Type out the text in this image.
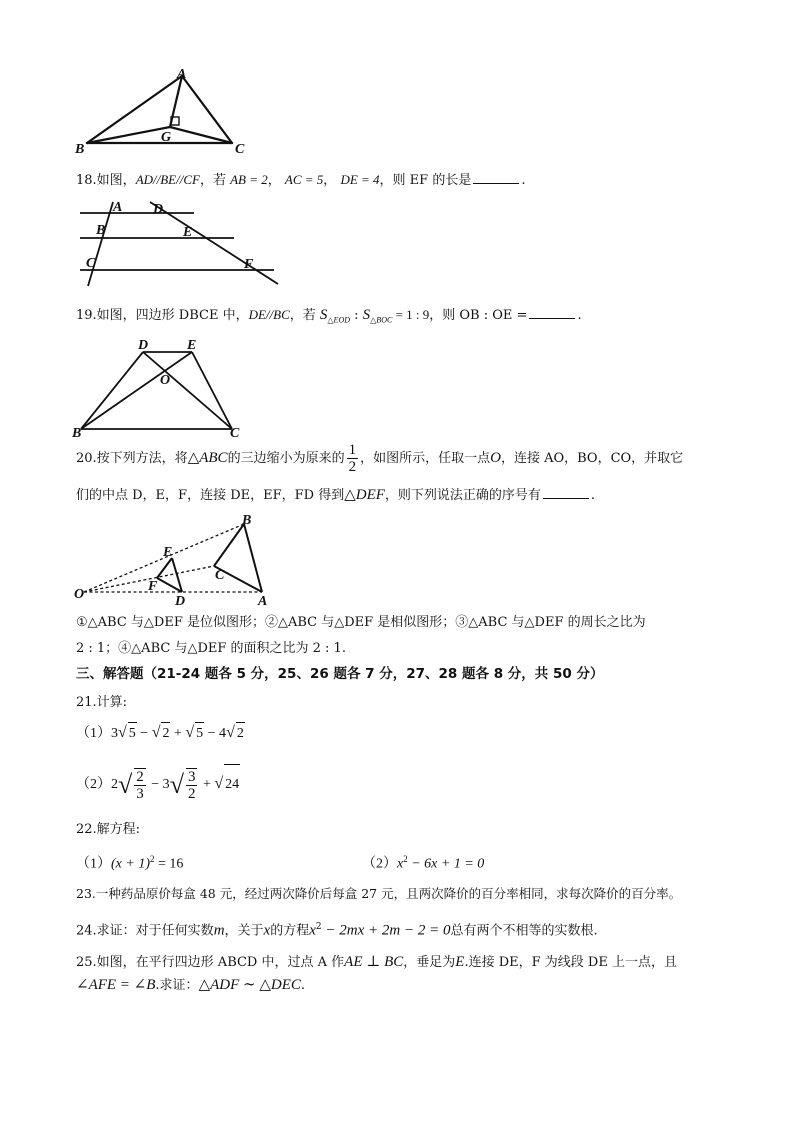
A
B	C
G
18.如图，AD//BE//CF，若 AB = 2， AC = 5， DE = 4，则 EF 的长是	.
A
B
C
D
E
F
19.如图，四边形 DBCE 中，DE//BC，若 $S_{\triangle EOD}$ : $S_{\triangle BOC} = 1$ : 9，则 OB : OE =	.
D	E
O
B	C
20.按下列方法，将△ABC的三边缩小为原来的 $\frac{1}{2}$ ，如图所示，任取一点O，连接 AO，BO，CO，并取它
们的中点 D，E，F，连接 DE，EF，FD 得到△DEF，则下列说法正确的序号有	.
O
B
C
A
E
F
D
①△ABC 与△DEF 是位似图形；②△ABC 与△DEF 是相似图形；③△ABC 与△DEF 的周长之比为
2 : 1；④△ABC 与△DEF 的面积之比为 2 : 1.
三、解答题（21-24 题各 5 分，25、26 题各 7 分，27、28 题各 8 分，共 50 分）
21.计算:
（1）3√ 5 − √ 2 + √ 5 − 4√ 2
$(2)2√ \frac{2}{3} - 3√ \frac{3}{2}$ + √ 24
22.解方程:
$(1)(x + 1)^2 = 16$	$(2)x^2 - 6x + 1 = 0$
23.一种药品原价每盒 48 元，经过两次降价后每盒 27 元，且两次降价的百分率相同，求每次降价的百分率。
24.求证：对于任何实数m，关于x的方程$x^2 - 2mx + 2m - 2 = 0$总有两个不相等的实数根.
25.如图，在平行四边形 ABCD 中，过点 A 作AE ⊥ BC，垂足为E.连接 DE，F 为线段 DE 上一点，且
∠AFE = ∠B.求证：△ADF ∼ △DEC.
